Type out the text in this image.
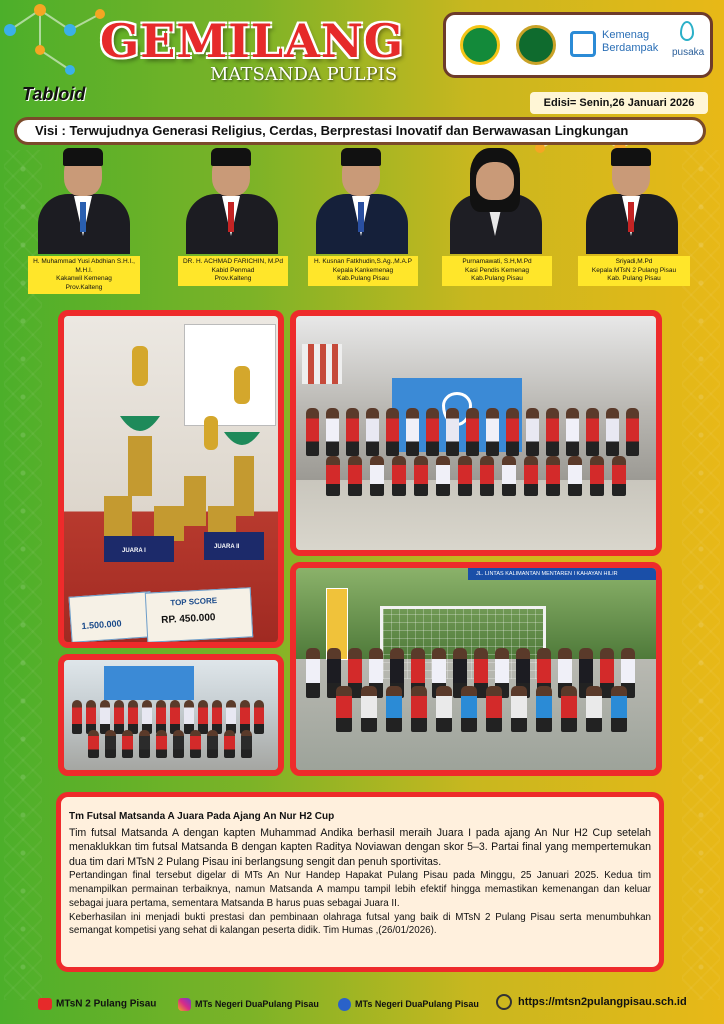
GEMILANG
MATSANDA PULPIS
Tabloid
Kemenag Berdampak	pusaka
Edisi= Senin,26 Januari 2026
Visi : Terwujudnya Generasi Religius, Cerdas, Berprestasi Inovatif dan Berwawasan Lingkungan
H. Muhammad Yusi Abdhian S.H.I., M.H.I.
Kakanwil Kemenag
Prov.Kalteng
DR. H. ACHMAD FARICHIN, M.Pd
Kabid Penmad
Prov.Kalteng
H. Kusnan Fatkhudin,S.Ag.,M.A.P
Kepala Kankemenag
Kab.Pulang Pisau
Purnamawati, S.H,M.Pd
Kasi Pendis Kemenag
Kab.Pulang Pisau
Sriyadi,M.Pd
Kepala MTsN 2 Pulang Pisau
Kab. Pulang Pisau
JUARA I
JUARA II
1.500.000
TOP SCORE
RP. 450.000
JL. LINTAS KALIMANTAN MENTAREN I KAHAYAN HILIR
Tm Futsal Matsanda A Juara Pada Ajang An Nur H2 Cup

Tim futsal Matsanda A dengan kapten Muhammad Andika berhasil meraih Juara I pada ajang An Nur H2 Cup setelah menaklukkan tim futsal Matsanda B dengan kapten Raditya Noviawan dengan skor 5–3. Partai final yang mempertemukan dua tim dari MTsN 2 Pulang Pisau ini berlangsung sengit dan penuh sportivitas.

Pertandingan final tersebut digelar di MTs An Nur Handep Hapakat Pulang Pisau pada Minggu, 25 Januari 2025. Kedua tim menampilkan permainan terbaiknya, namun Matsanda A mampu tampil lebih efektif hingga memastikan kemenangan dan keluar sebagai juara pertama, sementara Matsanda B harus puas sebagai Juara II.

Keberhasilan ini menjadi bukti prestasi dan pembinaan olahraga futsal yang baik di MTsN 2 Pulang Pisau serta menumbuhkan semangat kompetisi yang sehat di kalangan peserta didik. Tim Humas ,(26/01/2026).

MTsN 2 Pulang Pisau	MTs Negeri DuaPulang Pisau	MTs Negeri DuaPulang Pisau	https://mtsn2pulangpisau.sch.id
